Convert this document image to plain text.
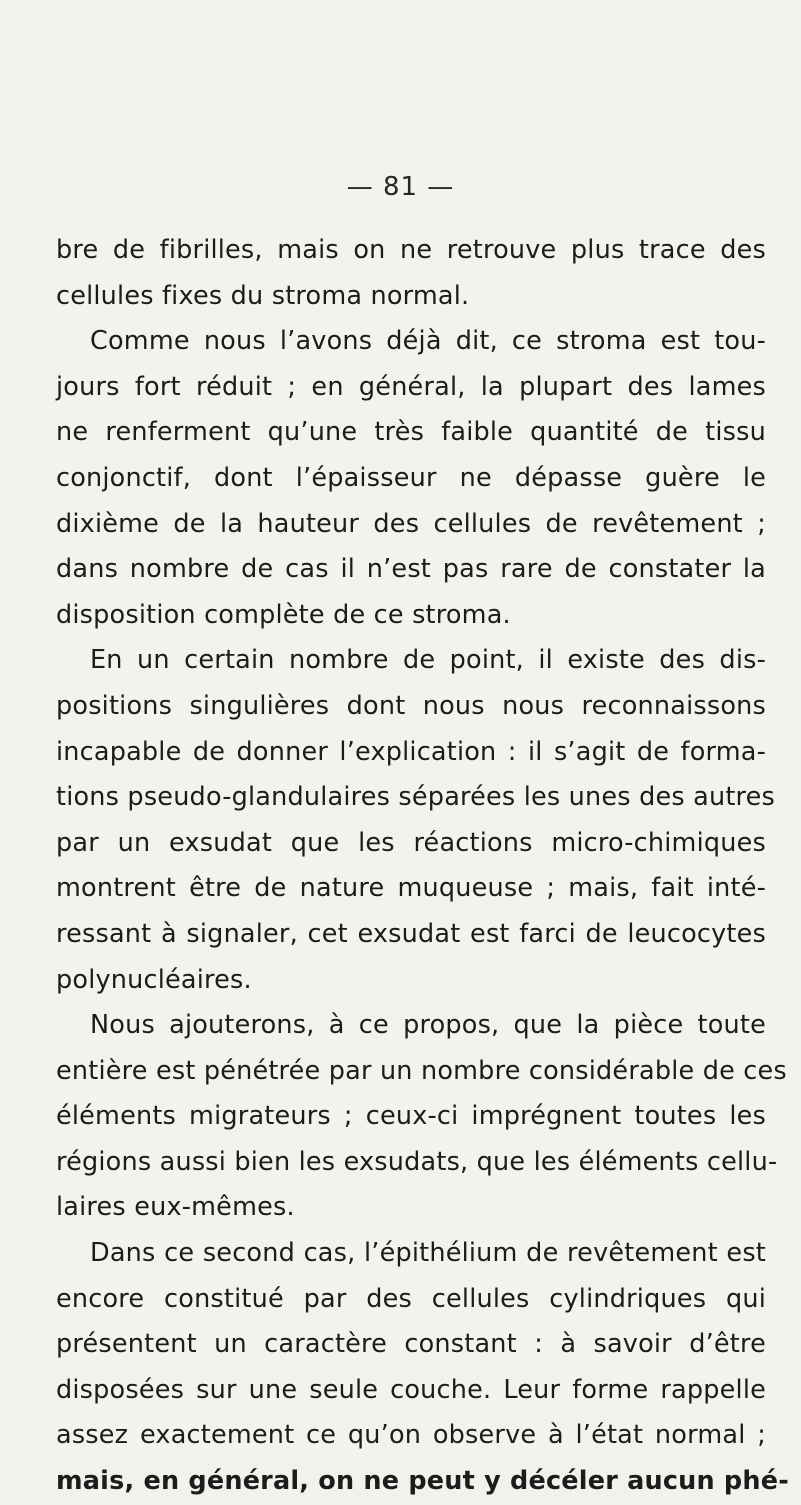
— 81 —
bre de fibrilles, mais on ne retrouve plus trace des
cellules fixes du stroma normal.
Comme nous l’avons déjà dit, ce stroma est tou-
jours fort réduit ; en général, la plupart des lames
ne renferment qu’une très faible quantité de tissu
conjonctif, dont l’épaisseur ne dépasse guère le
dixième de la hauteur des cellules de revêtement ;
dans nombre de cas il n’est pas rare de constater la
disposition complète de ce stroma.
En un certain nombre de point, il existe des dis-
positions singulières dont nous nous reconnaissons
incapable de donner l’explication : il s’agit de forma-
tions pseudo-glandulaires séparées les unes des autres
par un exsudat que les réactions micro-chimiques
montrent être de nature muqueuse ; mais, fait inté-
ressant à signaler, cet exsudat est farci de leucocytes
polynucléaires.
Nous ajouterons, à ce propos, que la pièce toute
entière est pénétrée par un nombre considérable de ces
éléments migrateurs ; ceux-ci imprégnent toutes les
régions aussi bien les exsudats, que les éléments cellu-
laires eux-mêmes.
Dans ce second cas, l’épithélium de revêtement est
encore constitué par des cellules cylindriques qui
présentent un caractère constant : à savoir d’être
disposées sur une seule couche. Leur forme rappelle
assez exactement ce qu’on observe à l’état normal ;
mais, en général, on ne peut y décéler aucun phé-
